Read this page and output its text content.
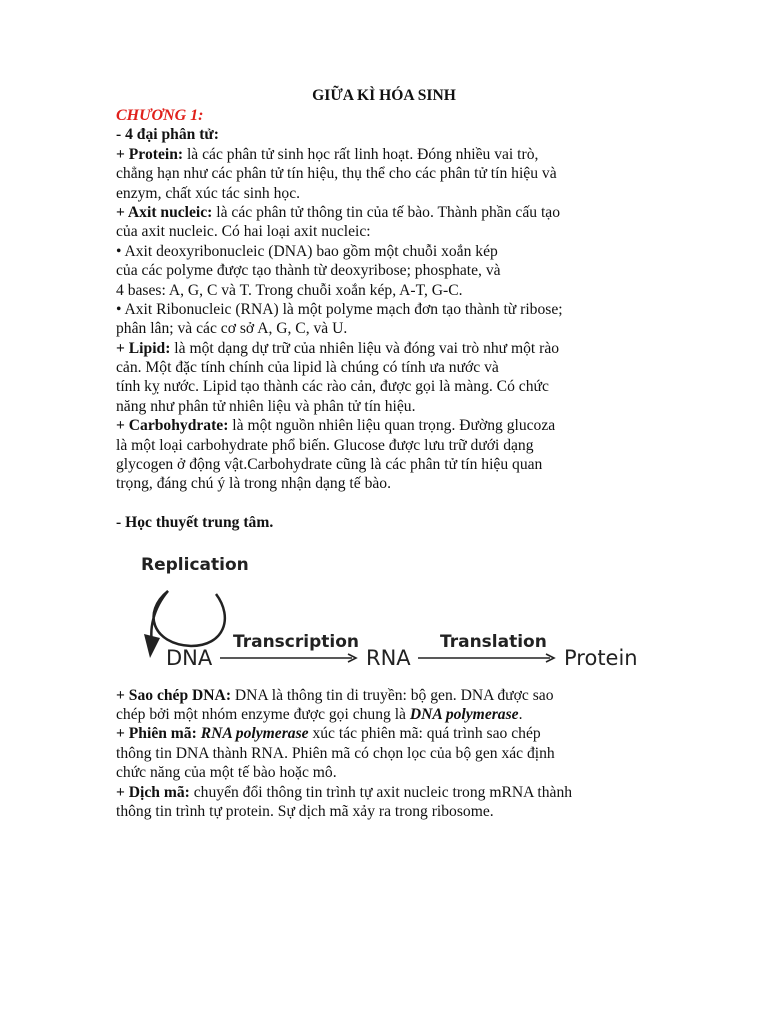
GIỮA KÌ HÓA SINH
CHƯƠNG 1:
- 4 đại phân tử:
+ Protein: là các phân tử sinh học rất linh hoạt. Đóng nhiều vai trò,
chẳng hạn như các phân tử tín hiệu, thụ thể cho các phân tử tín hiệu và
enzym, chất xúc tác sinh học.
+ Axit nucleic: là các phân tử thông tin của tế bào. Thành phần cấu tạo
của axit nucleic. Có hai loại axit nucleic:
• Axit deoxyribonucleic (DNA) bao gồm một chuỗi xoắn kép
của các polyme được tạo thành từ deoxyribose; phosphate, và
4 bases: A, G, C và T. Trong chuỗi xoắn kép, A-T, G-C.
• Axit Ribonucleic (RNA) là một polyme mạch đơn tạo thành từ ribose;
phân lân; và các cơ sở A, G, C, và U.
+ Lipid: là một dạng dự trữ của nhiên liệu và đóng vai trò như một rào
cản. Một đặc tính chính của lipid là chúng có tính ưa nước và
tính kỵ nước. Lipid tạo thành các rào cản, được gọi là màng. Có chức
năng như phân tử nhiên liệu và phân tử tín hiệu.
+ Carbohydrate: là một nguồn nhiên liệu quan trọng. Đường glucoza
là một loại carbohydrate phổ biến. Glucose được lưu trữ dưới dạng
glycogen ở động vật.Carbohydrate cũng là các phân tử tín hiệu quan
trọng, đáng chú ý là trong nhận dạng tế bào.
- Học thuyết trung tâm.
Replication
DNA
Transcription
RNA
Translation
Protein
+ Sao chép DNA: DNA là thông tin di truyền: bộ gen. DNA được sao
chép bởi một nhóm enzyme được gọi chung là DNA polymerase.
+ Phiên mã: RNA polymerase xúc tác phiên mã: quá trình sao chép
thông tin DNA thành RNA. Phiên mã có chọn lọc của bộ gen xác định
chức năng của một tế bào hoặc mô.
+ Dịch mã: chuyển đổi thông tin trình tự axit nucleic trong mRNA thành
thông tin trình tự protein. Sự dịch mã xảy ra trong ribosome.
